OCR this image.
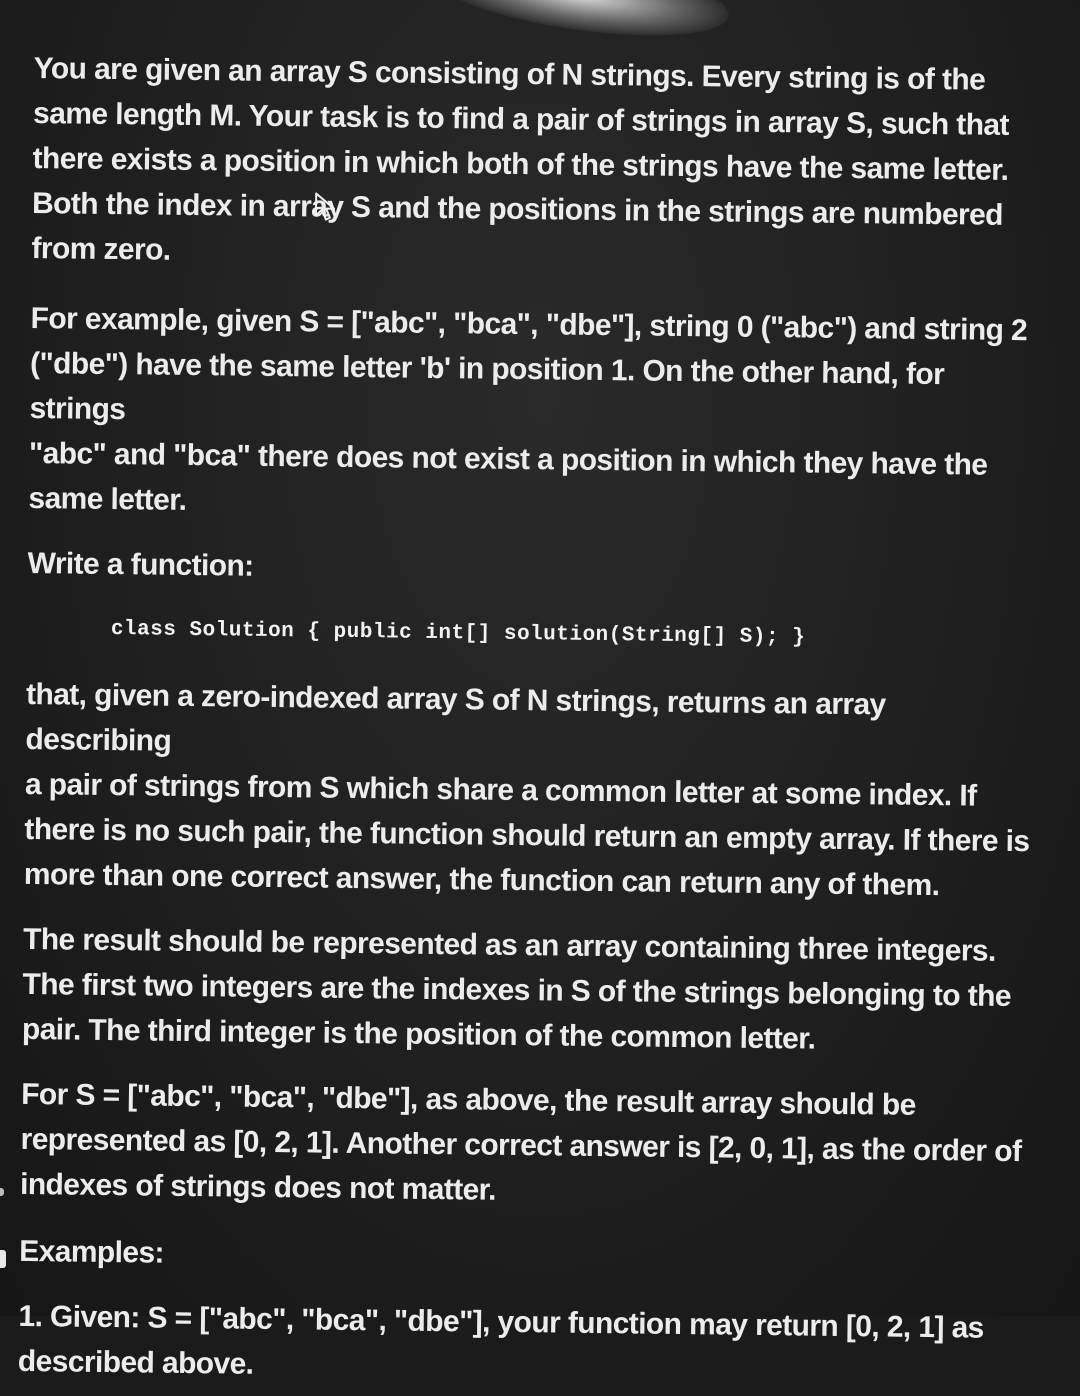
You are given an array S consisting of N strings. Every string is of the
same length M. Your task is to find a pair of strings in array S, such that
there exists a position in which both of the strings have the same letter.
Both the index in array S and the positions in the strings are numbered
from zero.

For example, given S = ["abc", "bca", "dbe"], string 0 ("abc") and string 2
("dbe") have the same letter 'b' in position 1. On the other hand, for strings
"abc" and "bca" there does not exist a position in which they have the
same letter.

Write a function:

class Solution { public int[] solution(String[] S); }

that, given a zero-indexed array S of N strings, returns an array describing
a pair of strings from S which share a common letter at some index. If
there is no such pair, the function should return an empty array. If there is
more than one correct answer, the function can return any of them.

The result should be represented as an array containing three integers.
The first two integers are the indexes in S of the strings belonging to the
pair. The third integer is the position of the common letter.

For S = ["abc", "bca", "dbe"], as above, the result array should be
represented as [0, 2, 1]. Another correct answer is [2, 0, 1], as the order of
indexes of strings does not matter.

Examples:

1. Given: S = ["abc", "bca", "dbe"], your function may return [0, 2, 1] as
described above.
